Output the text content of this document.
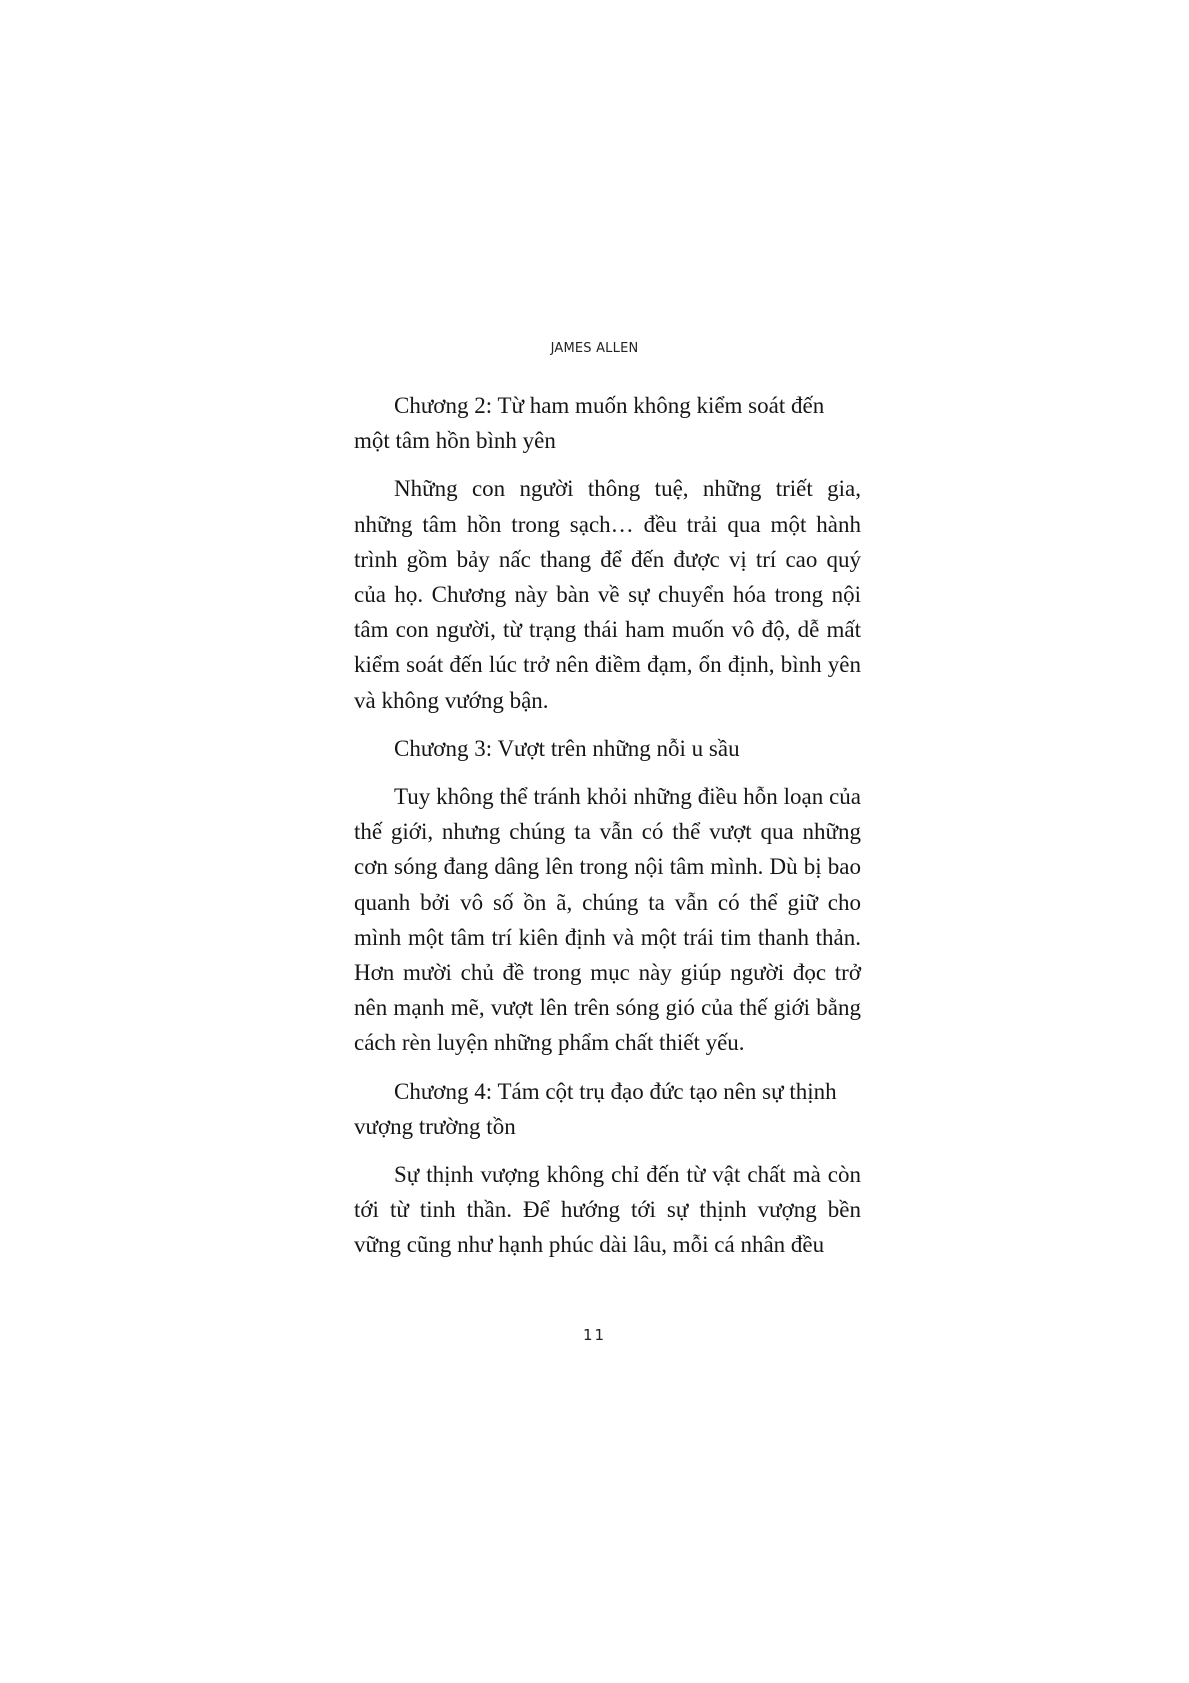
JAMES ALLEN

Chương 2: Từ ham muốn không kiểm soát đến một tâm hồn bình yên

Những con người thông tuệ, những triết gia, những tâm hồn trong sạch… đều trải qua một hành trình gồm bảy nấc thang để đến được vị trí cao quý của họ. Chương này bàn về sự chuyển hóa trong nội tâm con người, từ trạng thái ham muốn vô độ, dễ mất kiểm soát đến lúc trở nên điềm đạm, ổn định, bình yên và không vướng bận.

Chương 3: Vượt trên những nỗi u sầu

Tuy không thể tránh khỏi những điều hỗn loạn của thế giới, nhưng chúng ta vẫn có thể vượt qua những cơn sóng đang dâng lên trong nội tâm mình. Dù bị bao quanh bởi vô số ồn ã, chúng ta vẫn có thể giữ cho mình một tâm trí kiên định và một trái tim thanh thản. Hơn mười chủ đề trong mục này giúp người đọc trở nên mạnh mẽ, vượt lên trên sóng gió của thế giới bằng cách rèn luyện những phẩm chất thiết yếu.

Chương 4: Tám cột trụ đạo đức tạo nên sự thịnh vượng trường tồn

Sự thịnh vượng không chỉ đến từ vật chất mà còn tới từ tinh thần. Để hướng tới sự thịnh vượng bền vững cũng như hạnh phúc dài lâu, mỗi cá nhân đều

11
